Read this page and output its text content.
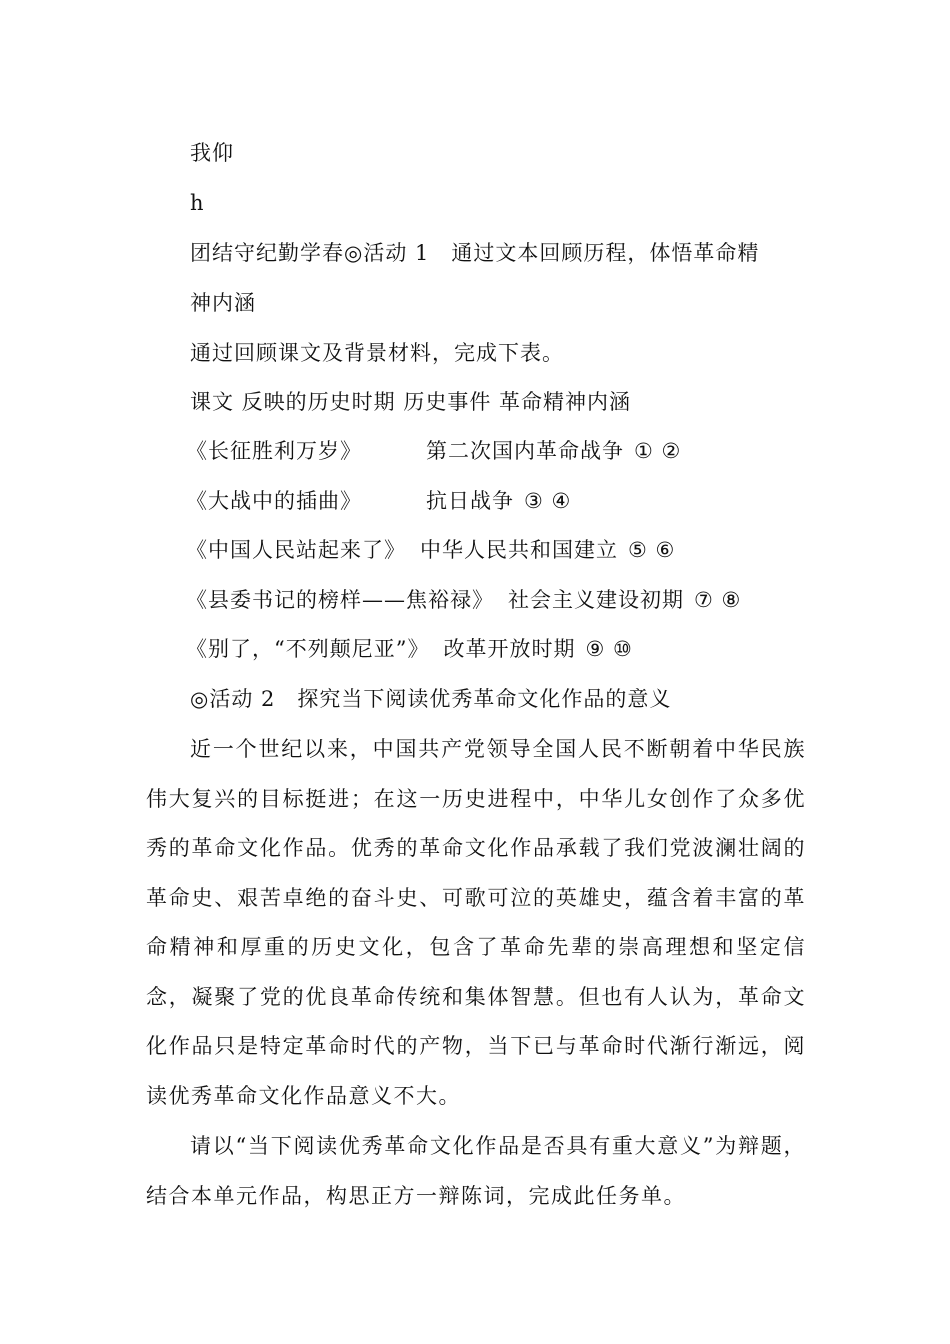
我仰
h
团结守纪勤学春◎活动 1　通过文本回顾历程，体悟革命精
神内涵
通过回顾课文及背景材料，完成下表。
课文 反映的历史时期 历史事件 革命精神内涵
《长征胜利万岁》	第二次国内革命战争 ① ②
《大战中的插曲》	抗日战争 ③ ④
《中国人民站起来了》 中华人民共和国建立 ⑤ ⑥
《县委书记的榜样——焦裕禄》 社会主义建设初期 ⑦ ⑧
《别了，“不列颠尼亚”》 改革开放时期 ⑨ ⑩
◎活动 2　探究当下阅读优秀革命文化作品的意义
近一个世纪以来，中国共产党领导全国人民不断朝着中华民族伟大复兴的目标挺进；在这一历史进程中，中华儿女创作了众多优秀的革命文化作品。优秀的革命文化作品承载了我们党波澜壮阔的革命史、艰苦卓绝的奋斗史、可歌可泣的英雄史，蕴含着丰富的革命精神和厚重的历史文化，包含了革命先辈的崇高理想和坚定信念，凝聚了党的优良革命传统和集体智慧。但也有人认为，革命文化作品只是特定革命时代的产物，当下已与革命时代渐行渐远，阅读优秀革命文化作品意义不大。
请以“当下阅读优秀革命文化作品是否具有重大意义”为辩题，结合本单元作品，构思正方一辩陈词，完成此任务单。
